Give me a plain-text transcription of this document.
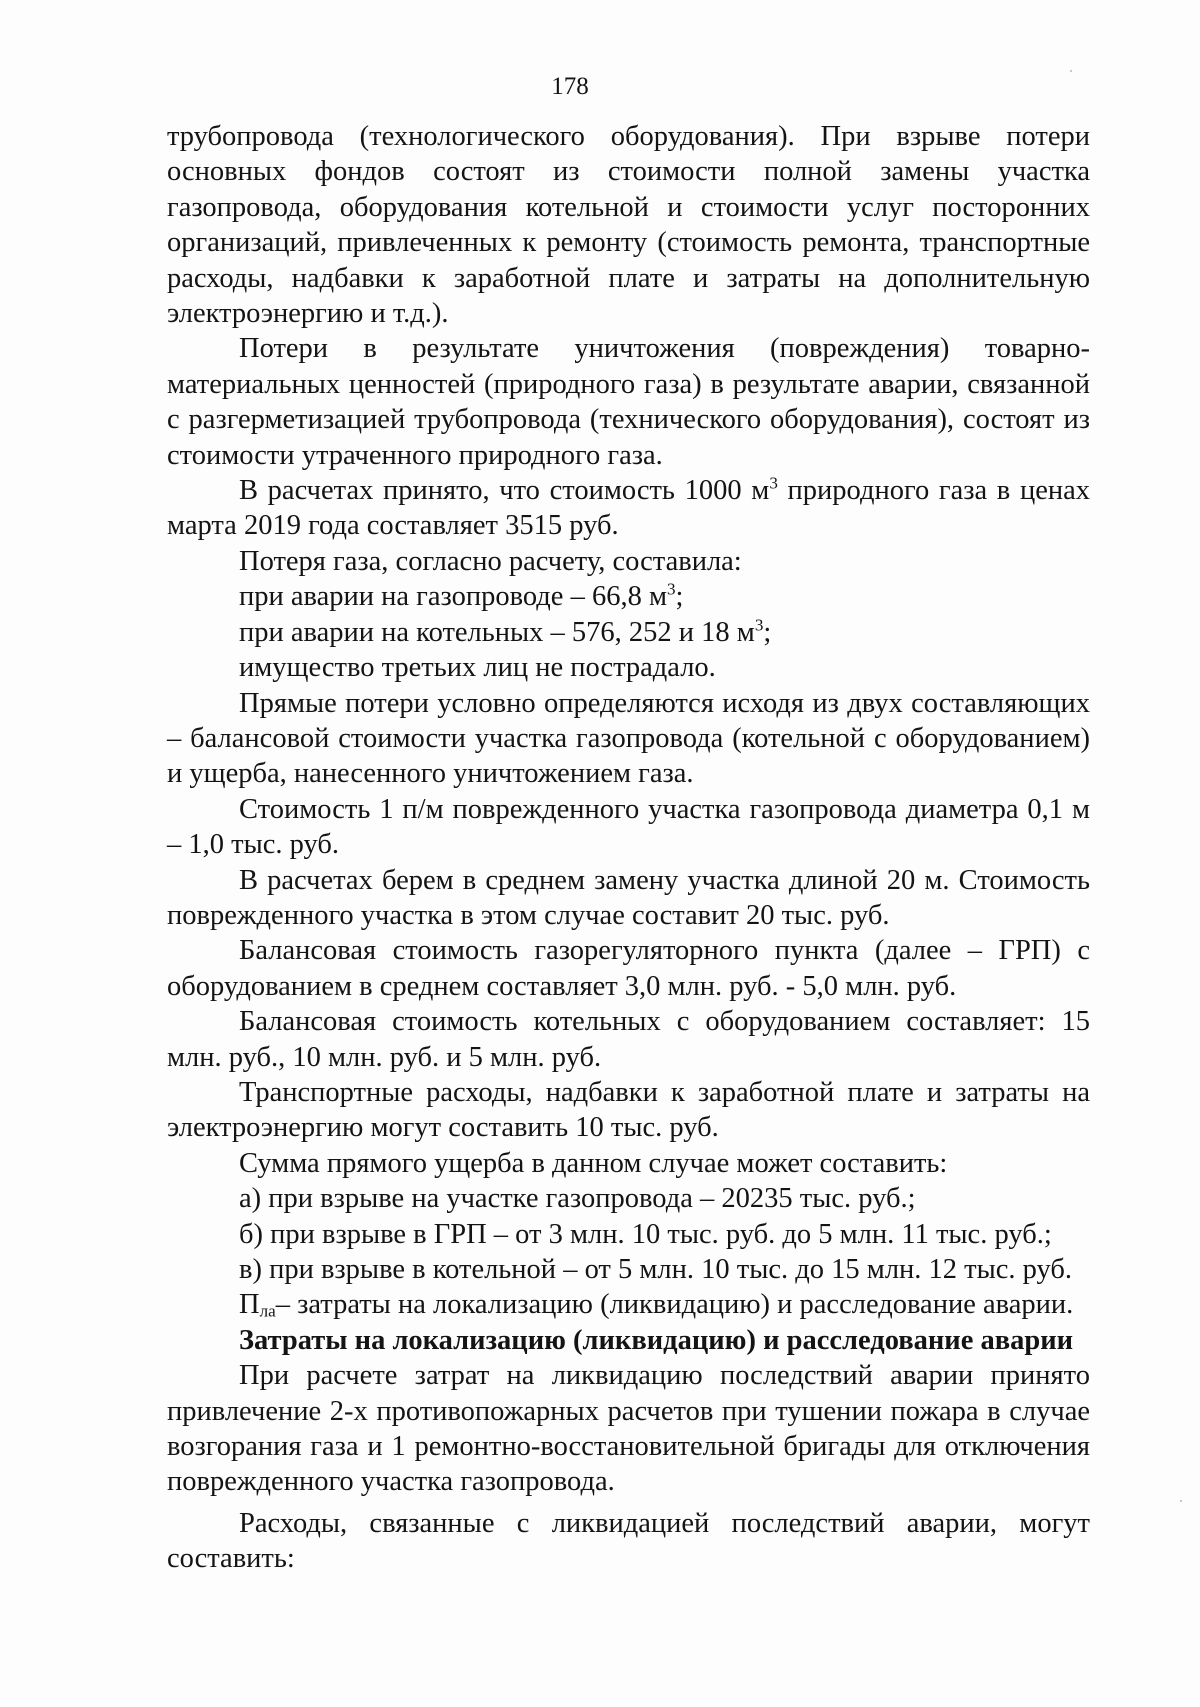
178

трубопровода (технологического оборудования). При взрыве потери основных фондов состоят из стоимости полной замены участка газопровода, оборудования котельной и стоимости услуг посторонних организаций, привлеченных к ремонту (стоимость ремонта, транспортные расходы, надбавки к заработной плате и затраты на дополнительную электроэнергию и т.д.).

Потери в результате уничтожения (повреждения) товарно-материальных ценностей (природного газа) в результате аварии, связанной с разгерметизацией трубопровода (технического оборудования), состоят из стоимости утраченного природного газа.

В расчетах принято, что стоимость 1000 $м^3$ природного газа в ценах марта 2019 года составляет 3515 руб.

Потеря газа, согласно расчету, составила:

при аварии на газопроводе – 66,8 $м^3$;

при аварии на котельных – 576, 252 и 18 $м^3$;

имущество третьих лиц не пострадало.

Прямые потери условно определяются исходя из двух составляющих – балансовой стоимости участка газопровода (котельной с оборудованием) и ущерба, нанесенного уничтожением газа.

Стоимость 1 п/м поврежденного участка газопровода диаметра 0,1 м – 1,0 тыс. руб.

В расчетах берем в среднем замену участка длиной 20 м. Стоимость поврежденного участка в этом случае составит 20 тыс. руб.

Балансовая стоимость газорегуляторного пункта (далее – ГРП) с оборудованием в среднем составляет 3,0 млн. руб. - 5,0 млн. руб.

Балансовая стоимость котельных с оборудованием составляет: 15 млн. руб., 10 млн. руб. и 5 млн. руб.

Транспортные расходы, надбавки к заработной плате и затраты на электроэнергию могут составить 10 тыс. руб.

Сумма прямого ущерба в данном случае может составить:

а) при взрыве на участке газопровода – 20235 тыс. руб.;

б) при взрыве в ГРП – от 3 млн. 10 тыс. руб. до 5 млн. 11 тыс. руб.;

в) при взрыве в котельной – от 5 млн. 10 тыс. до 15 млн. 12 тыс. руб.

$П_{ла}-$ затраты на локализацию (ликвидацию) и расследование аварии.

Затраты на локализацию (ликвидацию) и расследование аварии

При расчете затрат на ликвидацию последствий аварии принято привлечение 2-х противопожарных расчетов при тушении пожара в случае возгорания газа и 1 ремонтно-восстановительной бригады для отключения поврежденного участка газопровода.

Расходы, связанные с ликвидацией последствий аварии, могут составить:
